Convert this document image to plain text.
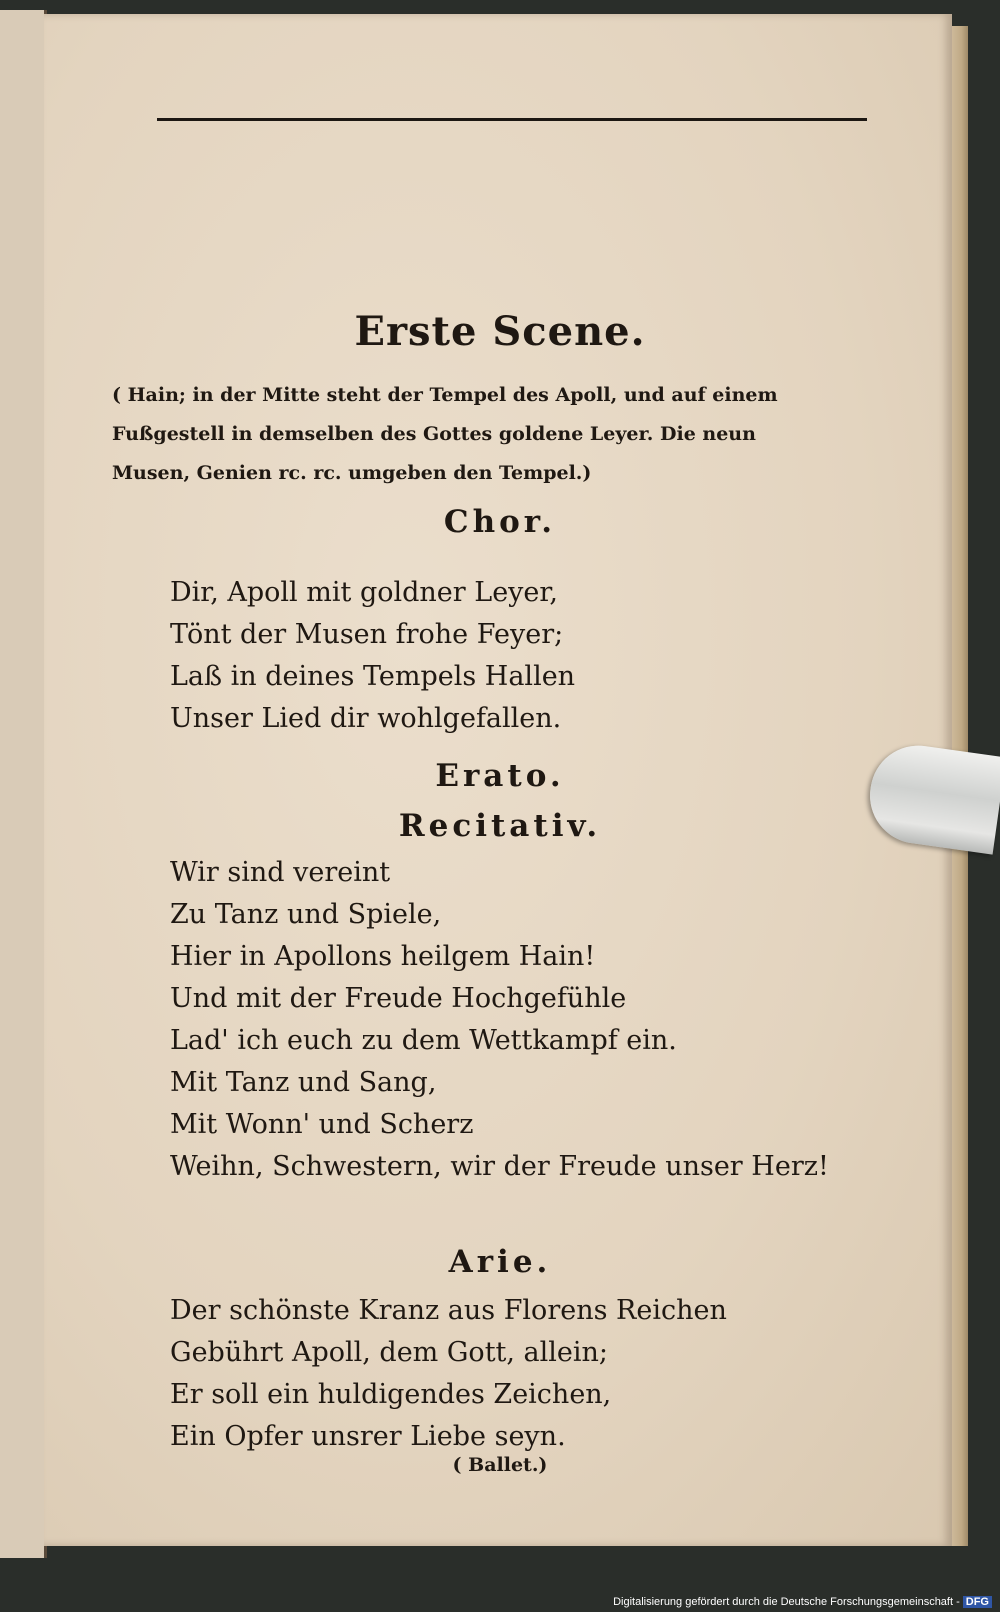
Erste Scene.
( Hain; in der Mitte steht der Tempel des Apoll, und auf einem
Fußgestell in demselben des Gottes goldene Leyer. Die neun
Musen, Genien rc. rc. umgeben den Tempel.)
Chor.
Dir, Apoll mit goldner Leyer,
Tönt der Musen frohe Feyer;
Laß in deines Tempels Hallen
Unser Lied dir wohlgefallen.
Erato.
Recitativ.
Wir sind vereint
Zu Tanz und Spiele,
Hier in Apollons heilgem Hain!
Und mit der Freude Hochgefühle
Lad' ich euch zu dem Wettkampf ein.
Mit Tanz und Sang,
Mit Wonn' und Scherz
Weihn, Schwestern, wir der Freude unser Herz!
Arie.
Der schönste Kranz aus Florens Reichen
Gebührt Apoll, dem Gott, allein;
Er soll ein huldigendes Zeichen,
Ein Opfer unsrer Liebe seyn.
( Ballet.)
Digitalisierung gefördert durch die Deutsche Forschungsgemeinschaft - DFG
